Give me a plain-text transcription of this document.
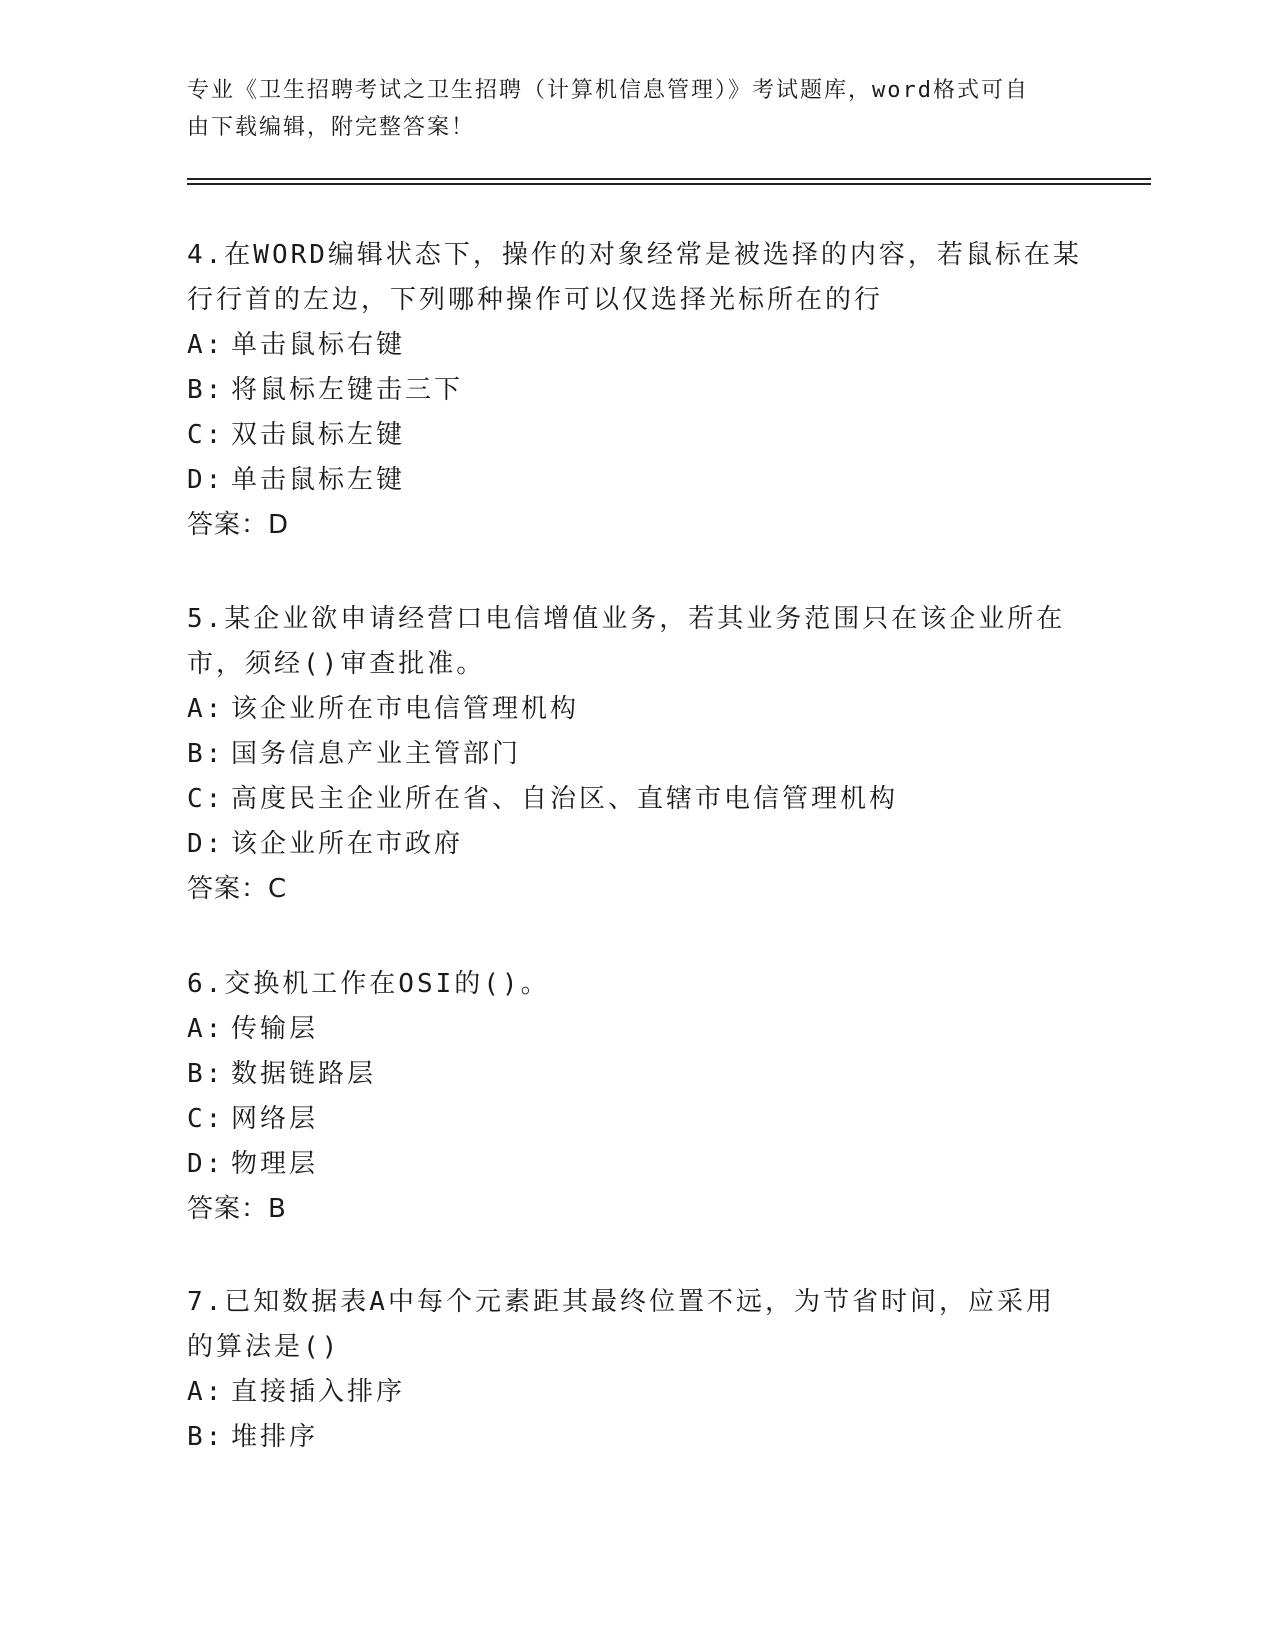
专业《卫生招聘考试之卫生招聘（计算机信息管理）》考试题库，word格式可自
由下载编辑，附完整答案！

4.在WORD编辑状态下，操作的对象经常是被选择的内容，若鼠标在某

行行首的左边，下列哪种操作可以仅选择光标所在的行

A: 单击鼠标右键

B: 将鼠标左键击三下

C: 双击鼠标左键

D: 单击鼠标左键

答案：D

5.某企业欲申请经营口电信增值业务，若其业务范围只在该企业所在

市，须经()审查批准。

A: 该企业所在市电信管理机构

B: 国务信息产业主管部门

C: 高度民主企业所在省、自治区、直辖市电信管理机构

D: 该企业所在市政府

答案：C

6.交换机工作在OSI的()。

A: 传输层

B: 数据链路层

C: 网络层

D: 物理层

答案：B

7.已知数据表A中每个元素距其最终位置不远，为节省时间，应采用

的算法是()

A: 直接插入排序

B: 堆排序
